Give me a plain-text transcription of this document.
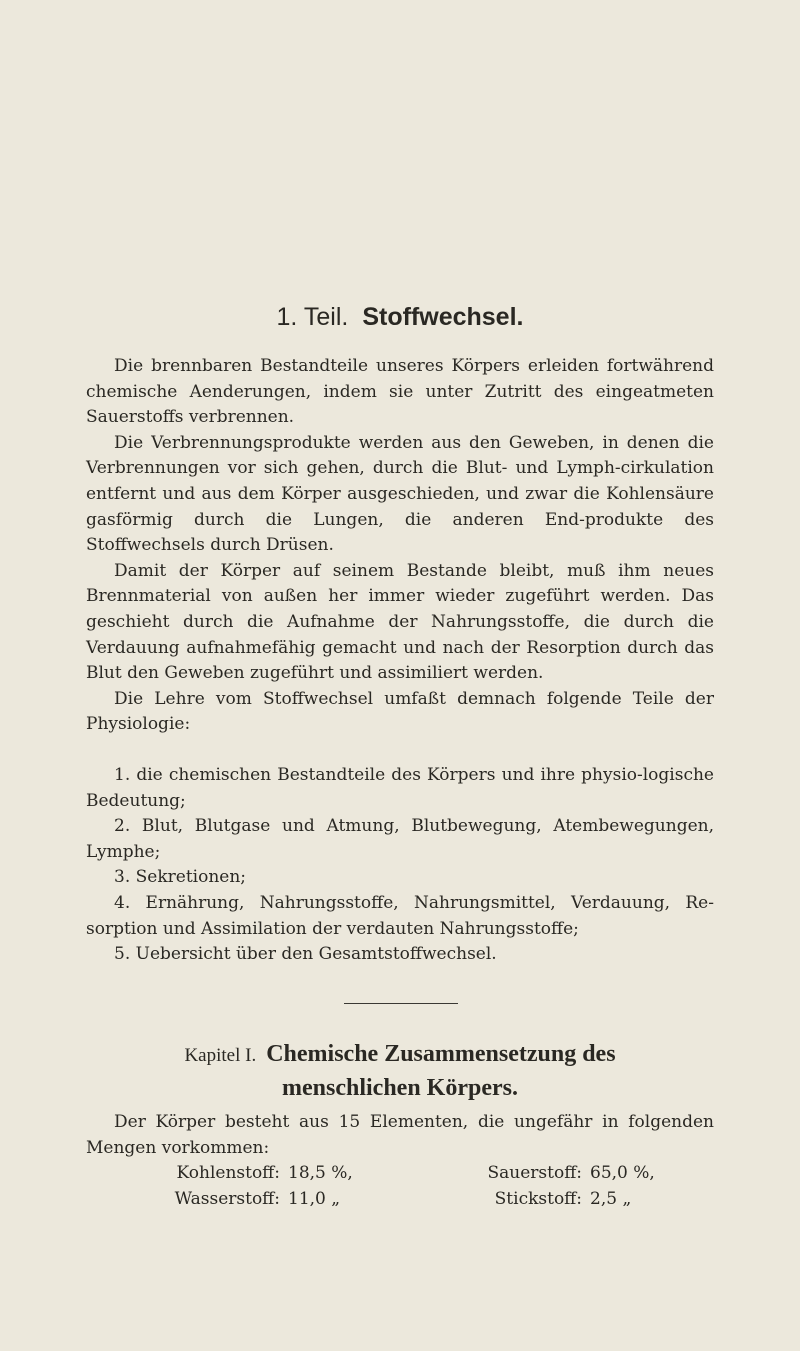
1. Teil. Stoffwechsel.

Die brennbaren Bestandteile unseres Körpers erleiden fortwährend chemische Aenderungen, indem sie unter Zutritt des eingeatmeten Sauerstoffs verbrennen.

Die Verbrennungsprodukte werden aus den Geweben, in denen die Verbrennungen vor sich gehen, durch die Blut- und Lymph-cirkulation entfernt und aus dem Körper ausgeschieden, und zwar die Kohlensäure gasförmig durch die Lungen, die anderen End-produkte des Stoffwechsels durch Drüsen.

Damit der Körper auf seinem Bestande bleibt, muß ihm neues Brennmaterial von außen her immer wieder zugeführt werden. Das geschieht durch die Aufnahme der Nahrungsstoffe, die durch die Verdauung aufnahmefähig gemacht und nach der Resorption durch das Blut den Geweben zugeführt und assimiliert werden.

Die Lehre vom Stoffwechsel umfaßt demnach folgende Teile der Physiologie:

1. die chemischen Bestandteile des Körpers und ihre physio-logische Bedeutung;
2. Blut, Blutgase und Atmung, Blutbewegung, Atembewegungen, Lymphe;
3. Sekretionen;
4. Ernährung, Nahrungsstoffe, Nahrungsmittel, Verdauung, Re-sorption und Assimilation der verdauten Nahrungsstoffe;
5. Uebersicht über den Gesamtstoffwechsel.
Kapitel I. Chemische Zusammensetzung des
menschlichen Körpers.

Der Körper besteht aus 15 Elementen, die ungefähr in folgenden Mengen vorkommen:

Kohlenstoff: 18,5 %,	Sauerstoff: 65,0 %,
Wasserstoff: 11,0 „	Stickstoff: 2,5 „
